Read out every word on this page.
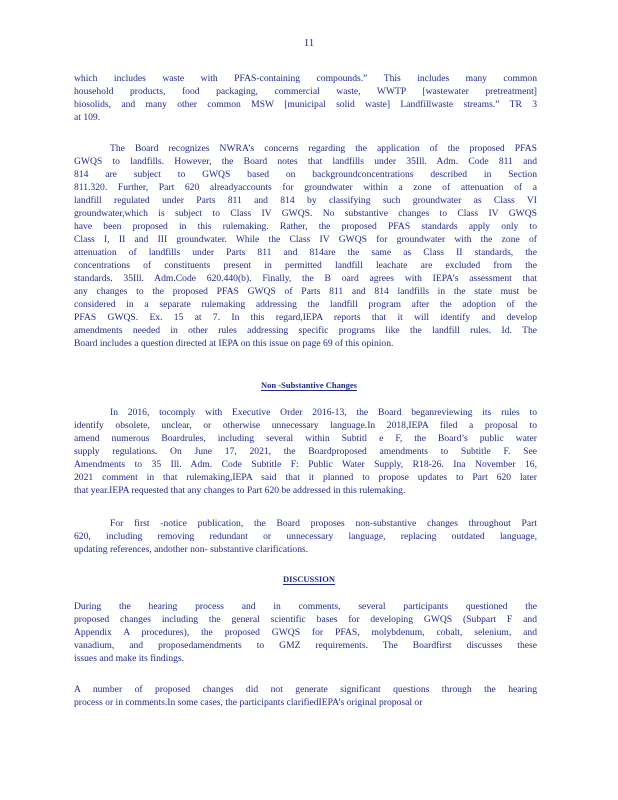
11
which includes waste with PFAS-containing compounds.” This includes many common
household products, food packaging, commercial waste, WWTP [wastewater pretreatment]
biosolids, and many other common MSW [municipal solid waste] Landfillwaste streams.” TR 3
at 109.
The Board recognizes NWRA’s concerns regarding the application of the proposed PFAS
GWQS to landfills. However, the Board notes that landfills under 35Ill. Adm. Code 811 and
814 are subject to GWQS based on backgroundconcentrations described in Section
811.320. Further, Part 620 alreadyaccounts for groundwater within a zone of attenuation of a
landfill regulated under Parts 811 and 814 by classifying such groundwater as Class VI
groundwater,which is subject to Class IV GWQS. No substantive changes to Class IV GWQS
have been proposed in this rulemaking. Rather, the proposed PFAS standards apply only to
Class I, II and III groundwater. While the Class IV GWQS for groundwater with the zone of
attenuation of landfills under Parts 811 and 814are the same as Class II standards, the
concentrations of constituents present in permitted landfill leachate are excluded from the
standards. 35Ill. Adm.Code 620.440(b). Finally, the B oard agrees with IEPA’s assessment that
any changes to the proposed PFAS GWQS of Parts 811 and 814 landfills in the state must be
considered in a separate rulemaking addressing the landfill program after the adoption of the
PFAS GWQS. Ex. 15 at 7. In this regard,IEPA reports that it will identify and develop
amendments needed in other rules addressing specific programs like the landfill rules. Id. The
Board includes a question directed at IEPA on this issue on page 69 of this opinion.
Non -Substantive Changes
In 2016, tocomply with Executive Order 2016-13, the Board beganreviewing its rules to
identify obsolete, unclear, or otherwise unnecessary language.In 2018,IEPA filed a proposal to
amend numerous Boardrules, including several within Subtitl e F, the Board’s public water
supply regulations. On June 17, 2021, the Boardproposed amendments to Subtitle F. See
Amendments to 35 Ill. Adm. Code Subtitle F: Public Water Supply, R18-26. Ina November 16,
2021 comment in that rulemaking,IEPA said that it planned to propose updates to Part 620 later
that year.IEPA requested that any changes to Part 620 be addressed in this rulemaking.
For first -notice publication, the Board proposes non-substantive changes throughout Part
620, including removing redundant or unnecessary language, replacing outdated language,
updating references, andother non- substantive clarifications.
DISCUSSION
During the hearing process and in comments, several participants questioned the
proposed changes including the general scientific bases for developing GWQS (Subpart F and
Appendix A procedures), the proposed GWQS for PFAS, molybdenum, cobalt, selenium, and
vanadium, and proposedamendments to GMZ requirements. The Boardfirst discusses these
issues and make its findings.
A number of proposed changes did not generate significant questions through the hearing
process or in comments.In some cases, the participants clarifiedIEPA’s original proposal or
